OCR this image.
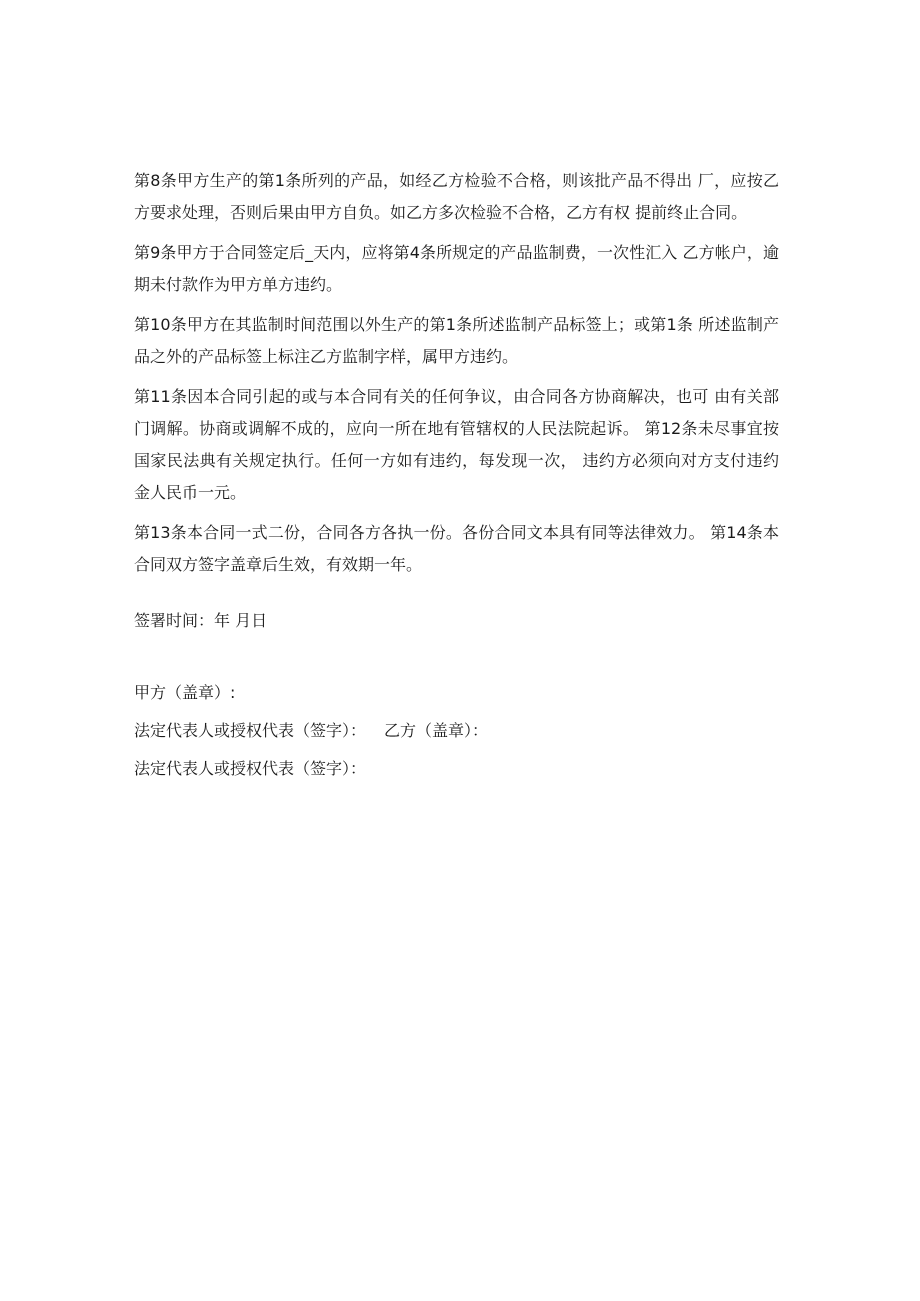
第8条甲方生产的第1条所列的产品，如经乙方检验不合格，则该批产品不得出 厂，应按乙方要求处理，否则后果由甲方自负。如乙方多次检验不合格，乙方有权 提前终止合同。

第9条甲方于合同签定后_天内，应将第4条所规定的产品监制费，一次性汇入 乙方帐户，逾期未付款作为甲方单方违约。

第10条甲方在其监制时间范围以外生产的第1条所述监制产品标签上；或第1条 所述监制产品之外的产品标签上标注乙方监制字样，属甲方违约。

第11条因本合同引起的或与本合同有关的任何争议，由合同各方协商解决，也可 由有关部门调解。协商或调解不成的，应向一所在地有管辖权的人民法院起诉。 第12条未尽事宜按国家民法典有关规定执行。任何一方如有违约，每发现一次， 违约方必须向对方支付违约金人民币一元。

第13条本合同一式二份，合同各方各执一份。各份合同文本具有同等法律效力。 第14条本合同双方签字盖章后生效，有效期一年。

签署时间：年 月日

甲方（盖章）:

法定代表人或授权代表（签字）： 乙方（盖章）：

法定代表人或授权代表（签字）：
